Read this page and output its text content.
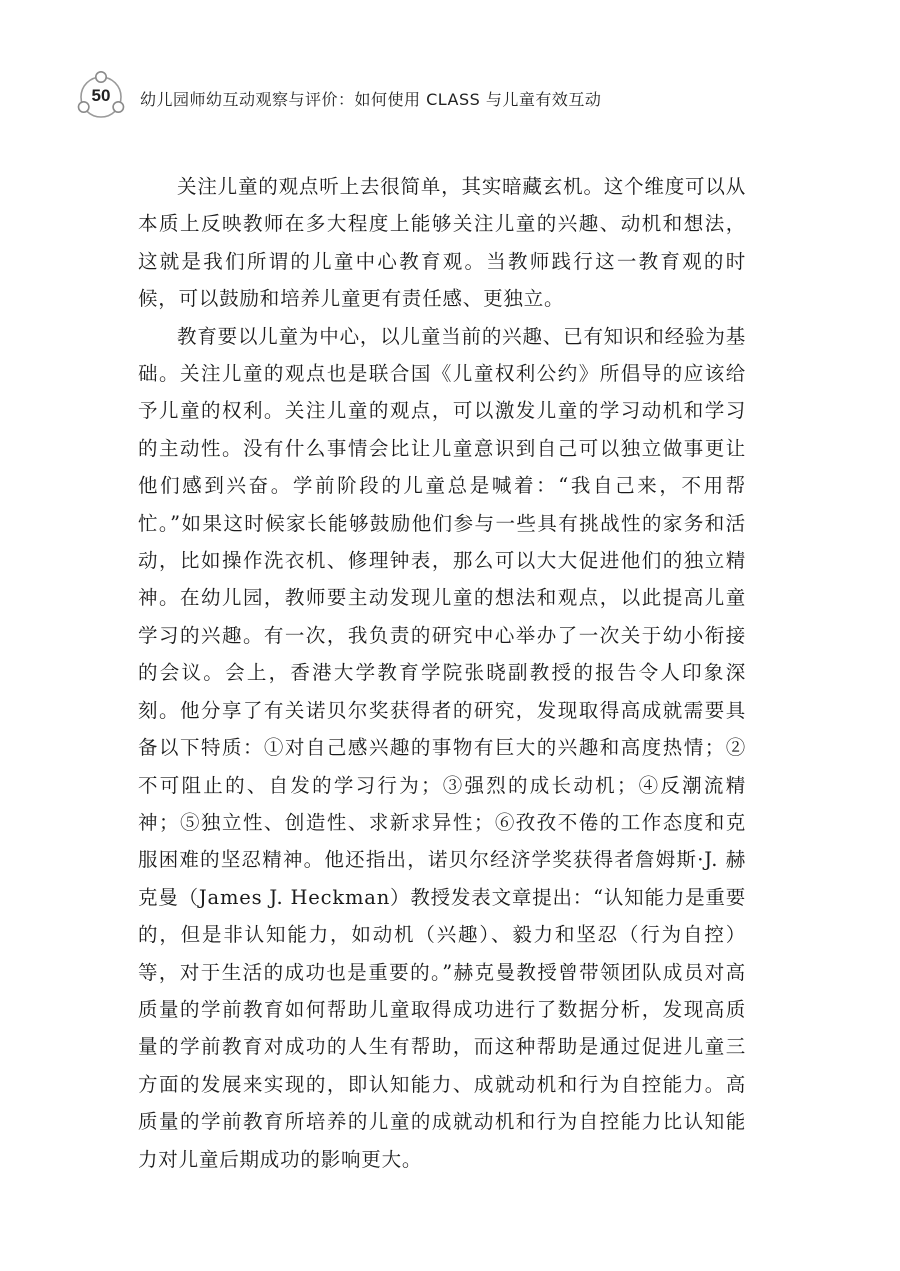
50	幼儿园师幼互动观察与评价：如何使用 CLASS 与儿童有效互动

关注儿童的观点听上去很简单，其实暗藏玄机。这个维度可以从本质上反映教师在多大程度上能够关注儿童的兴趣、动机和想法，这就是我们所谓的儿童中心教育观。当教师践行这一教育观的时候，可以鼓励和培养儿童更有责任感、更独立。

教育要以儿童为中心，以儿童当前的兴趣、已有知识和经验为基础。关注儿童的观点也是联合国《儿童权利公约》所倡导的应该给予儿童的权利。关注儿童的观点，可以激发儿童的学习动机和学习的主动性。没有什么事情会比让儿童意识到自己可以独立做事更让他们感到兴奋。学前阶段的儿童总是喊着：“我自己来，不用帮忙。”如果这时候家长能够鼓励他们参与一些具有挑战性的家务和活动，比如操作洗衣机、修理钟表，那么可以大大促进他们的独立精神。在幼儿园，教师要主动发现儿童的想法和观点，以此提高儿童学习的兴趣。有一次，我负责的研究中心举办了一次关于幼小衔接的会议。会上，香港大学教育学院张晓副教授的报告令人印象深刻。他分享了有关诺贝尔奖获得者的研究，发现取得高成就需要具备以下特质：①对自己感兴趣的事物有巨大的兴趣和高度热情；②不可阻止的、自发的学习行为；③强烈的成长动机；④反潮流精神；⑤独立性、创造性、求新求异性；⑥孜孜不倦的工作态度和克服困难的坚忍精神。他还指出，诺贝尔经济学奖获得者詹姆斯·J. 赫克曼（James J. Heckman）教授发表文章提出：“认知能力是重要的，但是非认知能力，如动机（兴趣）、毅力和坚忍（行为自控）等，对于生活的成功也是重要的。”赫克曼教授曾带领团队成员对高质量的学前教育如何帮助儿童取得成功进行了数据分析，发现高质量的学前教育对成功的人生有帮助，而这种帮助是通过促进儿童三方面的发展来实现的，即认知能力、成就动机和行为自控能力。高质量的学前教育所培养的儿童的成就动机和行为自控能力比认知能力对儿童后期成功的影响更大。
